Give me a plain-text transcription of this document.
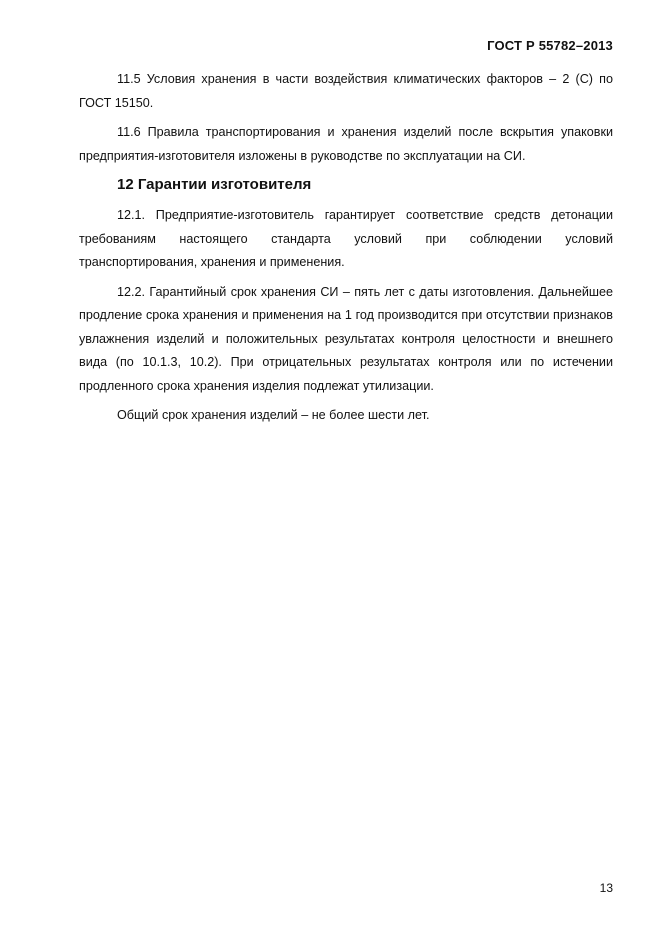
ГОСТ Р 55782–2013

11.5 Условия хранения в части воздействия климатических факторов – 2 (С) по ГОСТ 15150.

11.6 Правила транспортирования и хранения изделий после вскрытия упаковки предприятия-изготовителя изложены в руководстве по эксплуатации на СИ.

12 Гарантии изготовителя

12.1. Предприятие-изготовитель гарантирует соответствие средств детонации требованиям настоящего стандарта условий при соблюдении условий транспортирования, хранения и применения.

12.2. Гарантийный срок хранения СИ – пять лет с даты изготовления. Дальнейшее продление срока хранения и применения на 1 год производится при отсутствии признаков увлажнения изделий и положительных результатах контроля целостности и внешнего вида (по 10.1.3, 10.2). При отрицательных результатах контроля или по истечении продленного срока хранения изделия подлежат утилизации.

Общий срок хранения изделий – не более шести лет.

13
